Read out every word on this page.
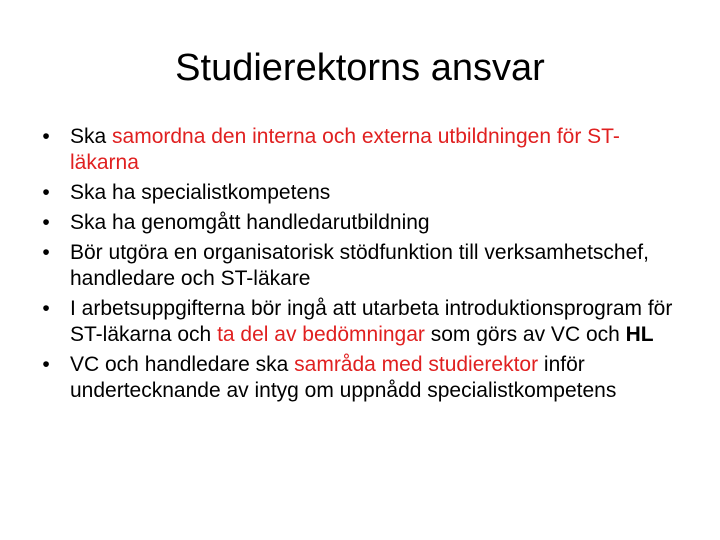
Studierektorns ansvar
• Ska samordna den interna och externa utbildningen för ST-läkarna
• Ska ha specialistkompetens
• Ska ha genomgått handledarutbildning
• Bör utgöra en organisatorisk stödfunktion till verksamhetschef, handledare och ST-läkare
• I arbetsuppgifterna bör ingå att utarbeta introduktionsprogram för ST-läkarna och ta del av bedömningar som görs av VC och HL
• VC och handledare ska samråda med studierektor inför undertecknande av intyg om uppnådd specialistkompetens
